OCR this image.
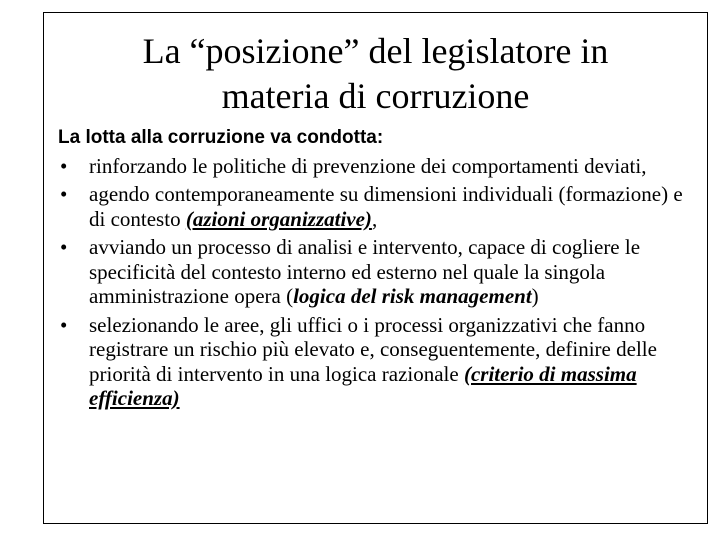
La “posizione” del legislatore in
materia di corruzione
La lotta alla corruzione va condotta:
• rinforzando le politiche di prevenzione dei comportamenti deviati,
• agendo contemporaneamente su dimensioni individuali (formazione) e di contesto (azioni organizzative),
• avviando un processo di analisi e intervento, capace di cogliere le specificità del contesto interno ed esterno nel quale la singola amministrazione opera (logica del risk management)
• selezionando le aree, gli uffici o i processi organizzativi che fanno registrare un rischio più elevato e, conseguentemente, definire delle priorità di intervento in una logica razionale (criterio di massima efficienza)
